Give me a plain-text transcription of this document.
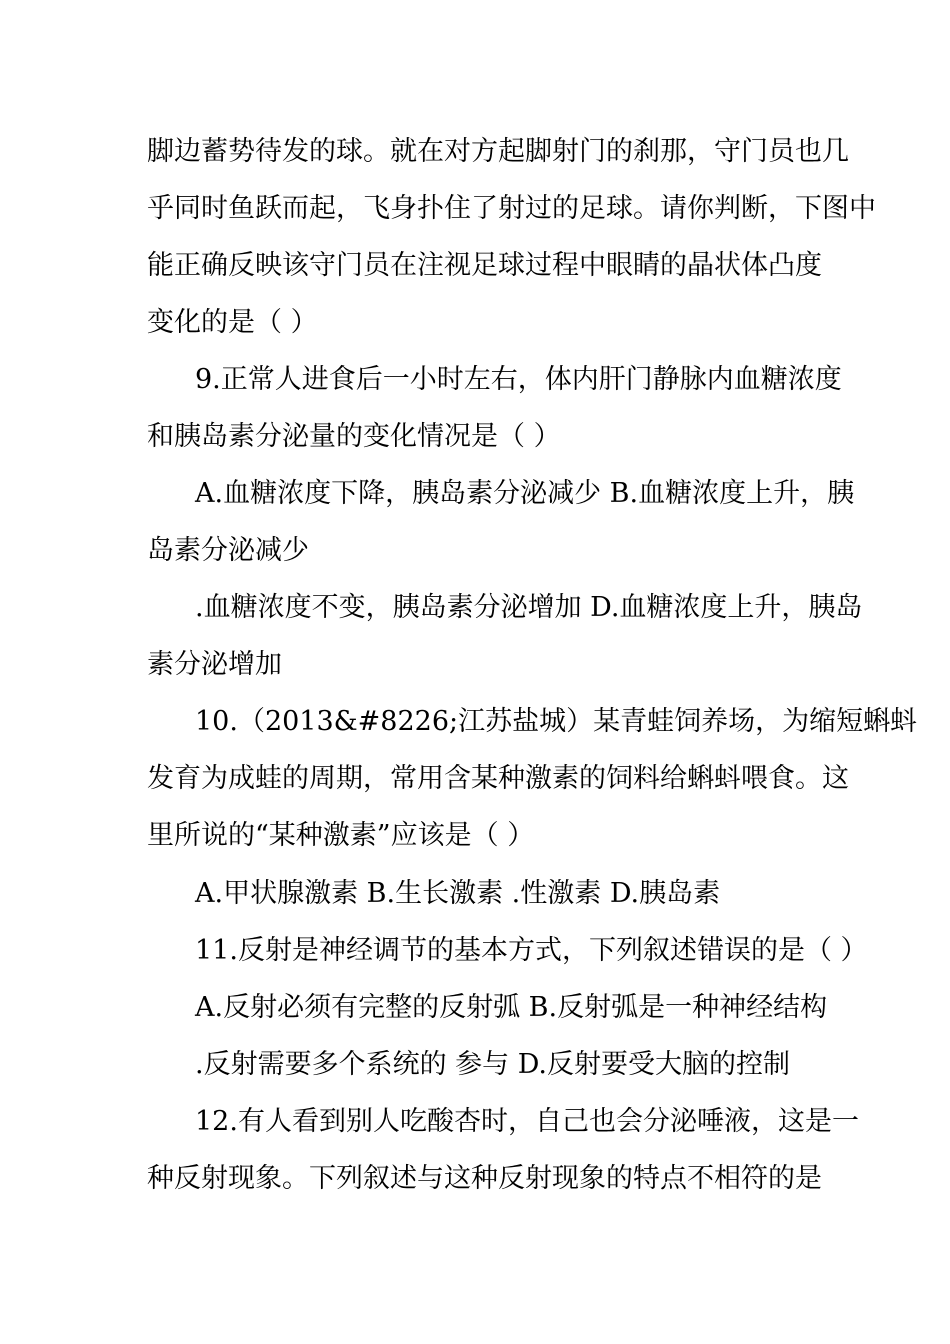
脚边蓄势待发的球。就在对方起脚射门的刹那，守门员也几
乎同时鱼跃而起，飞身扑住了射过的足球。请你判断，下图中
能正确反映该守门员在注视足球过程中眼睛的晶状体凸度
变化的是（ ）
9.正常人进食后一小时左右，体内肝门静脉内血糖浓度
和胰岛素分泌量的变化情况是（ ）
A.血糖浓度下降，胰岛素分泌减少 B.血糖浓度上升，胰
岛素分泌减少
.血糖浓度不变，胰岛素分泌增加 D.血糖浓度上升，胰岛
素分泌增加
10.（2013&#8226;江苏盐城）某青蛙饲养场，为缩短蝌蚪
发育为成蛙的周期，常用含某种激素的饲料给蝌蚪喂食。这
里所说的“某种激素”应该是（ ）
A.甲状腺激素 B.生长激素 .性激素 D.胰岛素
11.反射是神经调节的基本方式，下列叙述错误的是（ ）
A.反射必须有完整的反射弧 B.反射弧是一种神经结构
.反射需要多个系统的 参与 D.反射要受大脑的控制
12.有人看到别人吃酸杏时，自己也会分泌唾液，这是一
种反射现象。下列叙述与这种反射现象的特点不相符的是
